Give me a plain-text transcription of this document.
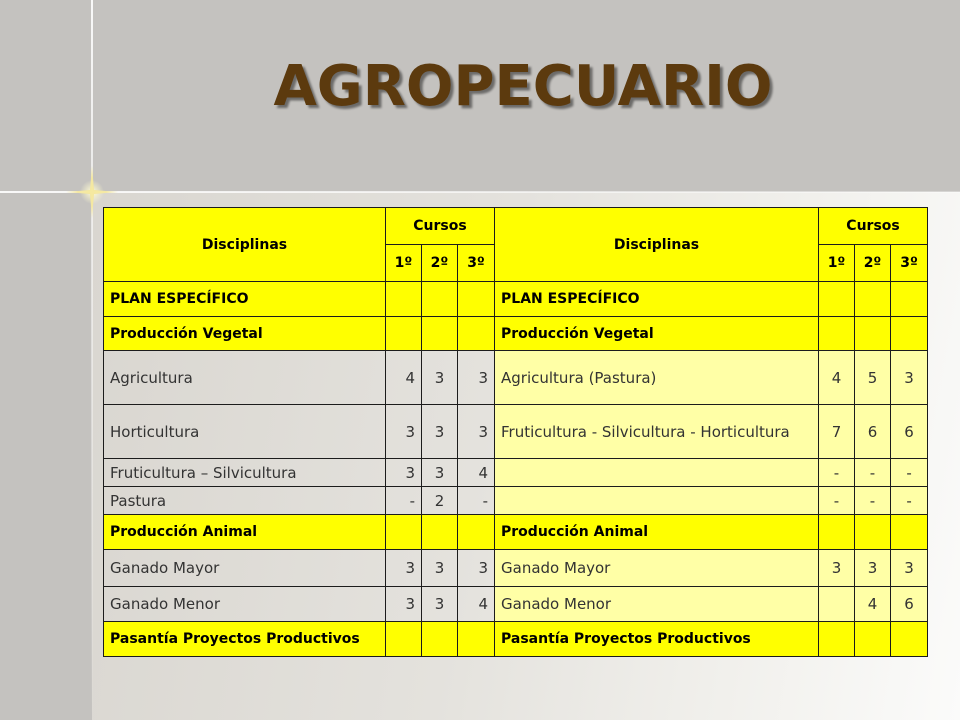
AGROPECUARIO
Disciplinas	Cursos			Disciplinas	Cursos		
	1º	2º	3º		1º	2º	3º
PLAN ESPECÍFICO				PLAN ESPECÍFICO			
Producción Vegetal				Producción Vegetal			
Agricultura	4	3	3	Agricultura (Pastura)	4	5	3
Horticultura	3	3	3	Fruticultura - Silvicultura - Horticultura	7	6	6
Fruticultura – Silvicultura	3	3	4		-	-	-
Pastura	-	2	-		-	-	-
Producción Animal				Producción Animal			
Ganado Mayor	3	3	3	Ganado Mayor	3	3	3
Ganado Menor	3	3	4	Ganado Menor		4	6
Pasantía Proyectos Productivos				Pasantía Proyectos Productivos			
